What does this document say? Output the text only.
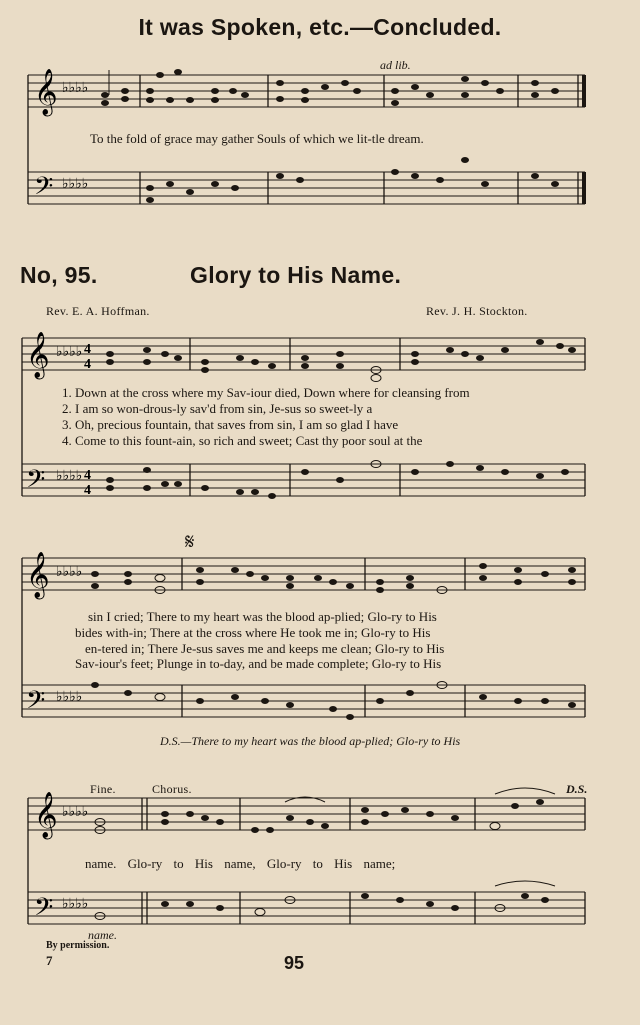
It was Spoken, etc.—Concluded.
𝄞
𝄢
♭♭♭♭
♭♭♭♭
ad lib.
To the fold of grace may gather Souls of which we lit-tle dream.
No, 95.	Glory to His Name.
Rev. E. A. Hoffman.	Rev. J. H. Stockton.
𝄞
𝄢
♭♭♭♭
♭♭♭♭
4
4
4
4
1. Down at the cross where my Sav-iour died, Down where for cleansing from
2. I am so won-drous-ly sav'd from sin, Je-sus so sweet-ly a
3. Oh, precious fountain, that saves from sin, I am so glad I have
4. Come to this fount-ain, so rich and sweet; Cast thy poor soul at the
𝄞
𝄢
♭♭♭♭
♭♭♭♭
𝄋
sin I cried; There to my heart was the blood ap-plied; Glo-ry to His
bides with-in; There at the cross where He took me in; Glo-ry to His
en-tered in; There Je-sus saves me and keeps me clean; Glo-ry to His
Sav-iour's feet; Plunge in to-day, and be made complete; Glo-ry to His
D.S.—There to my heart was the blood ap-plied; Glo-ry to His
Fine.	Chorus.	D.S.
𝄞
𝄢
♭♭♭♭
♭♭♭♭
name. Glo-ry to His name, Glo-ry to His name;
name.
By permission.
7	95
